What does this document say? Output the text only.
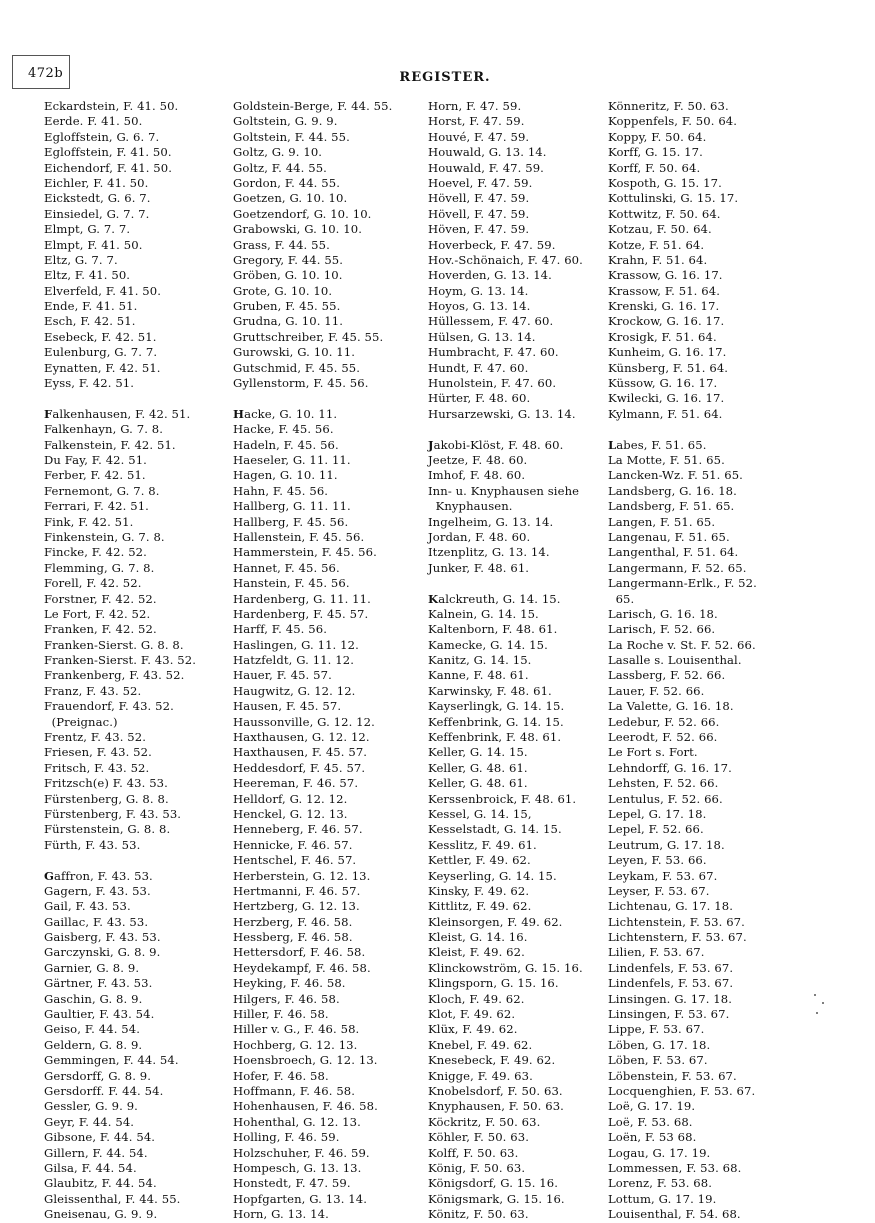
472b	REGISTER.
Eckardstein, F. 41. 50.
Eerde. F. 41. 50.
Egloffstein, G. 6. 7.
Egloffstein, F. 41. 50.
Eichendorf, F. 41. 50.
Eichler, F. 41. 50.
Eickstedt, G. 6. 7.
Einsiedel, G. 7. 7.
Elmpt, G. 7. 7.
Elmpt, F. 41. 50.
Eltz, G. 7. 7.
Eltz, F. 41. 50.
Elverfeld, F. 41. 50.
Ende, F. 41. 51.
Esch, F. 42. 51.
Esebeck, F. 42. 51.
Eulenburg, G. 7. 7.
Eynatten, F. 42. 51.
Eyss, F. 42. 51.
Falkenhausen, F. 42. 51.
Falkenhayn, G. 7. 8.
Falkenstein, F. 42. 51.
Du Fay, F. 42. 51.
Ferber, F. 42. 51.
Fernemont, G. 7. 8.
Ferrari, F. 42. 51.
Fink, F. 42. 51.
Finkenstein, G. 7. 8.
Fincke, F. 42. 52.
Flemming, G. 7. 8.
Forell, F. 42. 52.
Forstner, F. 42. 52.
Le Fort, F. 42. 52.
Franken, F. 42. 52.
Franken-Sierst. G. 8. 8.
Franken-Sierst. F. 43. 52.
Frankenberg, F. 43. 52.
Franz, F. 43. 52.
Frauendorf, F. 43. 52.
(Preignac.)
Frentz, F. 43. 52.
Friesen, F. 43. 52.
Fritsch, F. 43. 52.
Fritzsch(e) F. 43. 53.
Fürstenberg, G. 8. 8.
Fürstenberg, F. 43. 53.
Fürstenstein, G. 8. 8.
Fürth, F. 43. 53.
Gaffron, F. 43. 53.
Gagern, F. 43. 53.
Gail, F. 43. 53.
Gaillac, F. 43. 53.
Gaisberg, F. 43. 53.
Garczynski, G. 8. 9.
Garnier, G. 8. 9.
Gärtner, F. 43. 53.
Gaschin, G. 8. 9.
Gaultier, F. 43. 54.
Geiso, F. 44. 54.
Geldern, G. 8. 9.
Gemmingen, F. 44. 54.
Gersdorff, G. 8. 9.
Gersdorff. F. 44. 54.
Gessler, G. 9. 9.
Geyr, F. 44. 54.
Gibsone, F. 44. 54.
Gillern, F. 44. 54.
Gilsa, F. 44. 54.
Glaubitz, F. 44. 54.
Gleissenthal, F. 44. 55.
Gneisenau, G. 9. 9.
Goldstein-Berge, F. 44. 55.
Goltstein, G. 9. 9.
Goltstein, F. 44. 55.
Goltz, G. 9. 10.
Goltz, F. 44. 55.
Gordon, F. 44. 55.
Goetzen, G. 10. 10.
Goetzendorf, G. 10. 10.
Grabowski, G. 10. 10.
Grass, F. 44. 55.
Gregory, F. 44. 55.
Gröben, G. 10. 10.
Grote, G. 10. 10.
Gruben, F. 45. 55.
Grudna, G. 10. 11.
Gruttschreiber, F. 45. 55.
Gurowski, G. 10. 11.
Gutschmid, F. 45. 55.
Gyllenstorm, F. 45. 56.
Hacke, G. 10. 11.
Hacke, F. 45. 56.
Hadeln, F. 45. 56.
Haeseler, G. 11. 11.
Hagen, G. 10. 11.
Hahn, F. 45. 56.
Hallberg, G. 11. 11.
Hallberg, F. 45. 56.
Hallenstein, F. 45. 56.
Hammerstein, F. 45. 56.
Hannet, F. 45. 56.
Hanstein, F. 45. 56.
Hardenberg, G. 11. 11.
Hardenberg, F. 45. 57.
Harff, F. 45. 56.
Haslingen, G. 11. 12.
Hatzfeldt, G. 11. 12.
Hauer, F. 45. 57.
Haugwitz, G. 12. 12.
Hausen, F. 45. 57.
Haussonville, G. 12. 12.
Haxthausen, G. 12. 12.
Haxthausen, F. 45. 57.
Heddesdorf, F. 45. 57.
Heereman, F. 46. 57.
Helldorf, G. 12. 12.
Henckel, G. 12. 13.
Henneberg, F. 46. 57.
Hennicke, F. 46. 57.
Hentschel, F. 46. 57.
Herberstein, G. 12. 13.
Hertmanni, F. 46. 57.
Hertzberg, G. 12. 13.
Herzberg, F. 46. 58.
Hessberg, F. 46. 58.
Hettersdorf, F. 46. 58.
Heydekampf, F. 46. 58.
Heyking, F. 46. 58.
Hilgers, F. 46. 58.
Hiller, F. 46. 58.
Hiller v. G., F. 46. 58.
Hochberg, G. 12. 13.
Hoensbroech, G. 12. 13.
Hofer, F. 46. 58.
Hoffmann, F. 46. 58.
Hohenhausen, F. 46. 58.
Hohenthal, G. 12. 13.
Holling, F. 46. 59.
Holzschuher, F. 46. 59.
Hompesch, G. 13. 13.
Honstedt, F. 47. 59.
Hopfgarten, G. 13. 14.
Horn, G. 13. 14.
Horn, F. 47. 59.
Horst, F. 47. 59.
Houvé, F. 47. 59.
Houwald, G. 13. 14.
Houwald, F. 47. 59.
Hoevel, F. 47. 59.
Hövell, F. 47. 59.
Hövell, F. 47. 59.
Höven, F. 47. 59.
Hoverbeck, F. 47. 59.
Hov.-Schönaich, F. 47. 60.
Hoverden, G. 13. 14.
Hoym, G. 13. 14.
Hoyos, G. 13. 14.
Hüllessem, F. 47. 60.
Hülsen, G. 13. 14.
Humbracht, F. 47. 60.
Hundt, F. 47. 60.
Hunolstein, F. 47. 60.
Hürter, F. 48. 60.
Hursarzewski, G. 13. 14.
Jakobi-Klöst, F. 48. 60.
Jeetze, F. 48. 60.
Imhof, F. 48. 60.
Inn- u. Knyphausen siehe
Knyphausen.
Ingelheim, G. 13. 14.
Jordan, F. 48. 60.
Itzenplitz, G. 13. 14.
Junker, F. 48. 61.
Kalckreuth, G. 14. 15.
Kalnein, G. 14. 15.
Kaltenborn, F. 48. 61.
Kamecke, G. 14. 15.
Kanitz, G. 14. 15.
Kanne, F. 48. 61.
Karwinsky, F. 48. 61.
Kayserlingk, G. 14. 15.
Keffenbrink, G. 14. 15.
Keffenbrink, F. 48. 61.
Keller, G. 14. 15.
Keller, G. 48. 61.
Keller, G. 48. 61.
Kerssenbroick, F. 48. 61.
Kessel, G. 14. 15,
Kesselstadt, G. 14. 15.
Kesslitz, F. 49. 61.
Kettler, F. 49. 62.
Keyserling, G. 14. 15.
Kinsky, F. 49. 62.
Kittlitz, F. 49. 62.
Kleinsorgen, F. 49. 62.
Kleist, G. 14. 16.
Kleist, F. 49. 62.
Klinckowström, G. 15. 16.
Klingsporn, G. 15. 16.
Kloch, F. 49. 62.
Klot, F. 49. 62.
Klüx, F. 49. 62.
Knebel, F. 49. 62.
Knesebeck, F. 49. 62.
Knigge, F. 49. 63.
Knobelsdorf, F. 50. 63.
Knyphausen, F. 50. 63.
Köckritz, F. 50. 63.
Köhler, F. 50. 63.
Kolff, F. 50. 63.
König, F. 50. 63.
Königsdorf, G. 15. 16.
Königsmark, G. 15. 16.
Könitz, F. 50. 63.
Könneritz, F. 50. 63.
Koppenfels, F. 50. 64.
Koppy, F. 50. 64.
Korff, G. 15. 17.
Korff, F. 50. 64.
Kospoth, G. 15. 17.
Kottulinski, G. 15. 17.
Kottwitz, F. 50. 64.
Kotzau, F. 50. 64.
Kotze, F. 51. 64.
Krahn, F. 51. 64.
Krassow, G. 16. 17.
Krassow, F. 51. 64.
Krenski, G. 16. 17.
Krockow, G. 16. 17.
Krosigk, F. 51. 64.
Kunheim, G. 16. 17.
Künsberg, F. 51. 64.
Küssow, G. 16. 17.
Kwilecki, G. 16. 17.
Kylmann, F. 51. 64.
Labes, F. 51. 65.
La Motte, F. 51. 65.
Lancken-Wz. F. 51. 65.
Landsberg, G. 16. 18.
Landsberg, F. 51. 65.
Langen, F. 51. 65.
Langenau, F. 51. 65.
Langenthal, F. 51. 64.
Langermann, F. 52. 65.
Langermann-Erlk., F. 52.
65.
Larisch, G. 16. 18.
Larisch, F. 52. 66.
La Roche v. St. F. 52. 66.
Lasalle s. Louisenthal.
Lassberg, F. 52. 66.
Lauer, F. 52. 66.
La Valette, G. 16. 18.
Ledebur, F. 52. 66.
Leerodt, F. 52. 66.
Le Fort s. Fort.
Lehndorff, G. 16. 17.
Lehsten, F. 52. 66.
Lentulus, F. 52. 66.
Lepel, G. 17. 18.
Lepel, F. 52. 66.
Leutrum, G. 17. 18.
Leyen, F. 53. 66.
Leykam, F. 53. 67.
Leyser, F. 53. 67.
Lichtenau, G. 17. 18.
Lichtenstein, F. 53. 67.
Lichtenstern, F. 53. 67.
Lilien, F. 53. 67.
Lindenfels, F. 53. 67.
Lindenfels, F. 53. 67.
Linsingen. G. 17. 18.
Linsingen, F. 53. 67.
Lippe, F. 53. 67.
Löben, G. 17. 18.
Löben, F. 53. 67.
Löbenstein, F. 53. 67.
Locquenghien, F. 53. 67.
Loë, G. 17. 19.
Loë, F. 53. 68.
Loën, F. 53 68.
Logau, G. 17. 19.
Lommessen, F. 53. 68.
Lorenz, F. 53. 68.
Lottum, G. 17. 19.
Louisenthal, F. 54. 68.
